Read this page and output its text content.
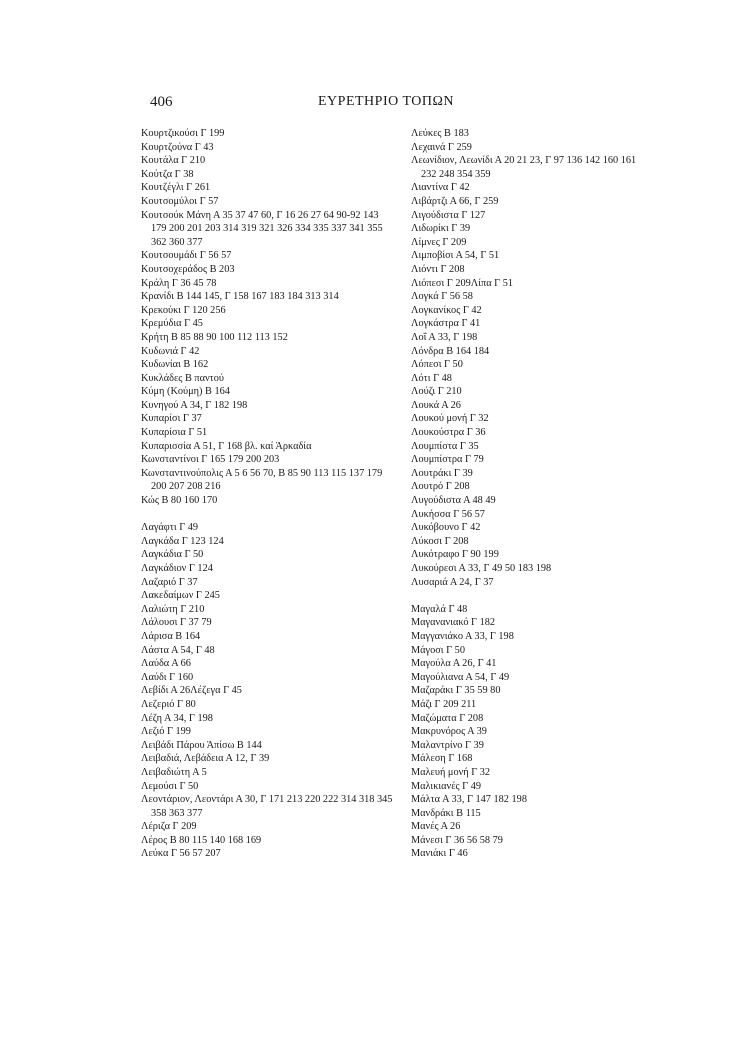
406	ΕΥΡΕΤΗΡΙΟ ΤΟΠΩΝ
Κουρτζικούσι Γ 199
Κουρτζούνα Γ 43
Κουτάλα Γ 210
Κούτζα Γ 38
Κουτζέγλι Γ 261
Κουτσομύλοι Γ 57
Κουτσούκ Μάνη Α 35 37 47 60, Γ 16 26 27 64 90-92 143 179 200 201 203 314 319 321 326 334 335 337 341 355 362 360 377
Κουτσουμάδι Γ 56 57
Κουτσοχεράδος Β 203
Κράλη Γ 36 45 78
Κρανίδι Β 144 145, Γ 158 167 183 184 313 314
Κρεκούκι Γ 120 256
Κρεμύδια Γ 45
Κρήτη Β 85 88 90 100 112 113 152
Κυδωνιά Γ 42
Κυδωνίαι Β 162
Κυκλάδες Β παντού
Κύμη (Κούμη) Β 164
Κυνηγού Α 34, Γ 182 198
Κυπαρίσι Γ 37
Κυπαρίσια Γ 51
Κυπαρισσία Α 51, Γ 168 βλ. καί Άρκαδία
Κωνσταντίνοι Γ 165 179 200 203
Κωνσταντινούπολις Α 5 6 56 70, Β 85 90 113 115 137 179 200 207 208 216
Κώς Β 80 160 170
Λαγάφτι Γ 49
Λαγκάδα Γ 123 124
Λαγκάδια Γ 50
Λαγκάδιον Γ 124
Λαζαριό Γ 37
Λακεδαίμων Γ 245
Λαλιώτη Γ 210
Λάλουσι Γ 37 79
Λάρισα Β 164
Λάστα Α 54, Γ 48
Λαύδα Α 66
Λαύδι Γ 160
Λεβίδι Α 26Λέζεγα Γ 45
Λεζεριό Γ 80
Λέζη Α 34, Γ 198
Λεζιό Γ 199
Λειβάδι Πάρου Άπίσω Β 144
Λειβαδιά, Λεβάδεια Α 12, Γ 39
Λειβαδιώτη Α 5
Λεμούσι Γ 50
Λεοντάριον, Λεοντάρι Α 30, Γ 171 213 220 222 314 318 345 358 363 377
Λέριζα Γ 209
Λέρος Β 80 115 140 168 169
Λεύκα Γ 56 57 207
Λεύκες Β 183
Λεχαινά Γ 259
Λεωνίδιον, Λεωνίδι Α 20 21 23, Γ 97 136 142 160 161 232 248 354 359
Λιαντίνα Γ 42
Λιβάρτζι Α 66, Γ 259
Λιγούδιστα Γ 127
Λιδωρίκι Γ 39
Λίμνες Γ 209
Λιμποβίσι Α 54, Γ 51
Λιόντι Γ 208
Λιόπεσι Γ 209Λίπα Γ 51
Λογκά Γ 56 58
Λογκανίκος Γ 42
Λογκάστρα Γ 41
Λοΐ Α 33, Γ 198
Λόνδρα Β 164 184
Λόπεσι Γ 50
Λότι Γ 48
Λούζι Γ 210
Λουκά Α 26
Λουκού μονή Γ 32
Λουκούστρα Γ 36
Λουμπίστα Γ 35
Λουμπίστρα Γ 79
Λουτράκι Γ 39
Λουτρό Γ 208
Λυγούδιστα Α 48 49
Λυκήσσα Γ 56 57
Λυκόβουνο Γ 42
Λύκοσι Γ 208
Λυκότραφο Γ 90 199
Λυκούρεσι Α 33, Γ 49 50 183 198
Λυσαριά Α 24, Γ 37
Μαγαλά Γ 48
Μαγανανιακό Γ 182
Μαγγανιάκο Α 33, Γ 198
Μάγοσι Γ 50
Μαγούλα Α 26, Γ 41
Μαγούλιανα Α 54, Γ 49
Μαζαράκι Γ 35 59 80
Μάζι Γ 209 211
Μαζώματα Γ 208
Μακρυνόρος Α 39
Μαλαντρίνο Γ 39
Μάλεση Γ 168
Μαλευή μονή Γ 32
Μαλικιανές Γ 49
Μάλτα Α 33, Γ 147 182 198
Μανδράκι Β 115
Μανές Α 26
Μάνεσι Γ 36 56 58 79
Μανιάκι Γ 46
